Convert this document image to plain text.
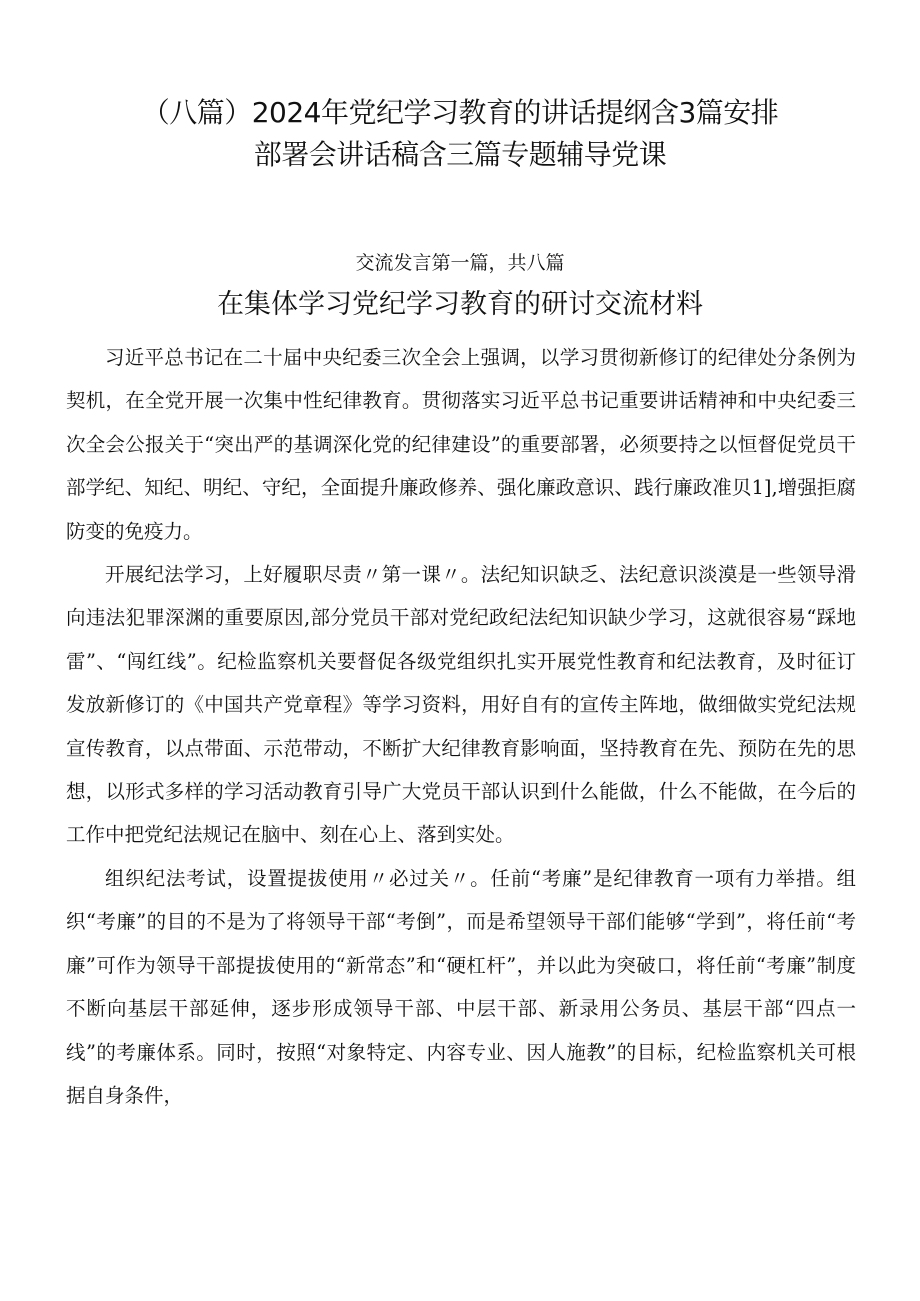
（八篇）2024年党纪学习教育的讲话提纲含3篇安排
部署会讲话稿含三篇专题辅导党课
交流发言第一篇，共八篇
在集体学习党纪学习教育的研讨交流材料

习近平总书记在二十届中央纪委三次全会上强调，以学习贯彻新修订的纪律处分条例为契机，在全党开展一次集中性纪律教育。贯彻落实习近平总书记重要讲话精神和中央纪委三次全会公报关于“突出严的基调深化党的纪律建设”的重要部署，必须要持之以恒督促党员干部学纪、知纪、明纪、守纪，全面提升廉政修养、强化廉政意识、践行廉政准贝1],增强拒腐防变的免疫力。

开展纪法学习，上好履职尽责〃第一课〃。法纪知识缺乏、法纪意识淡漠是一些领导滑向违法犯罪深渊的重要原因,部分党员干部对党纪政纪法纪知识缺少学习，这就很容易“踩地雷”、“闯红线”。纪检监察机关要督促各级党组织扎实开展党性教育和纪法教育，及时征订发放新修订的《中国共产党章程》等学习资料，用好自有的宣传主阵地，做细做实党纪法规宣传教育，以点带面、示范带动，不断扩大纪律教育影响面，坚持教育在先、预防在先的思想，以形式多样的学习活动教育引导广大党员干部认识到什么能做，什么不能做，在今后的工作中把党纪法规记在脑中、刻在心上、落到实处。

组织纪法考试，设置提拔使用〃必过关〃。任前“考廉”是纪律教育一项有力举措。组织“考廉”的目的不是为了将领导干部“考倒”，而是希望领导干部们能够“学到”，将任前“考廉”可作为领导干部提拔使用的“新常态”和“硬杠杆”，并以此为突破口，将任前“考廉”制度不断向基层干部延伸，逐步形成领导干部、中层干部、新录用公务员、基层干部“四点一线”的考廉体系。同时，按照“对象特定、内容专业、因人施教”的目标，纪检监察机关可根据自身条件，
